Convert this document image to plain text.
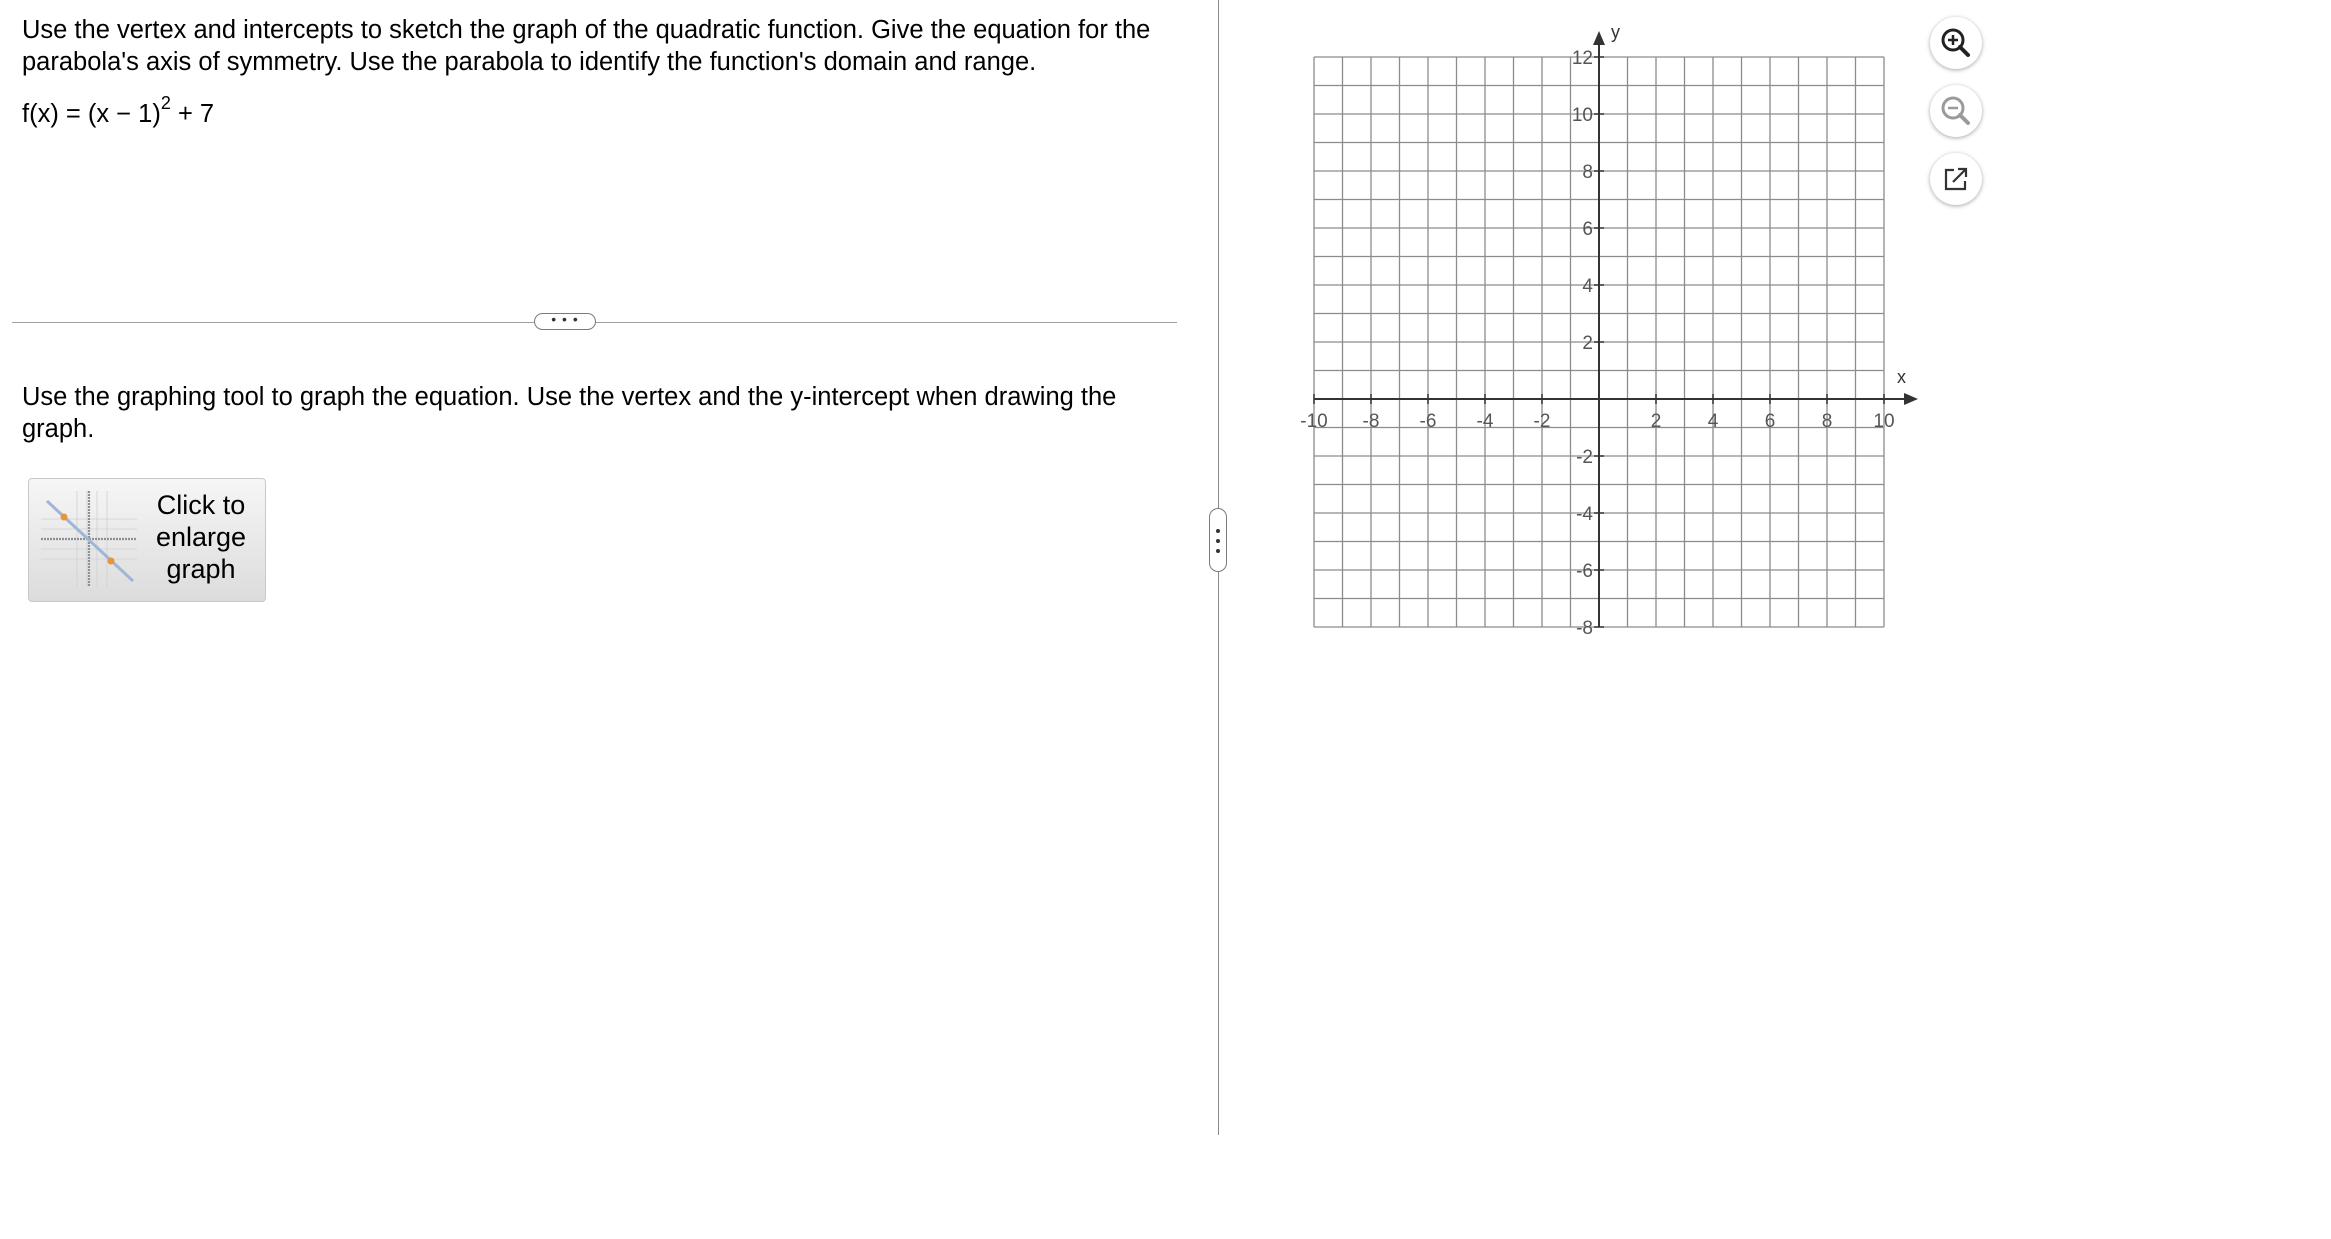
Use the vertex and intercepts to sketch the graph of the quadratic function. Give the equation for the parabola's axis of symmetry. Use the parabola to identify the function's domain and range.

$f(x) = (x - 1)^2 + 7$
• • •

Use the graphing tool to graph the equation. Use the vertex and the y-intercept when drawing the graph.

Click to
enlarge
graph
-10 -8 -6 -4 -2	2 4 6 8 10
12
10
8
6
4
2
-2
-4
-6
-8
x
y
